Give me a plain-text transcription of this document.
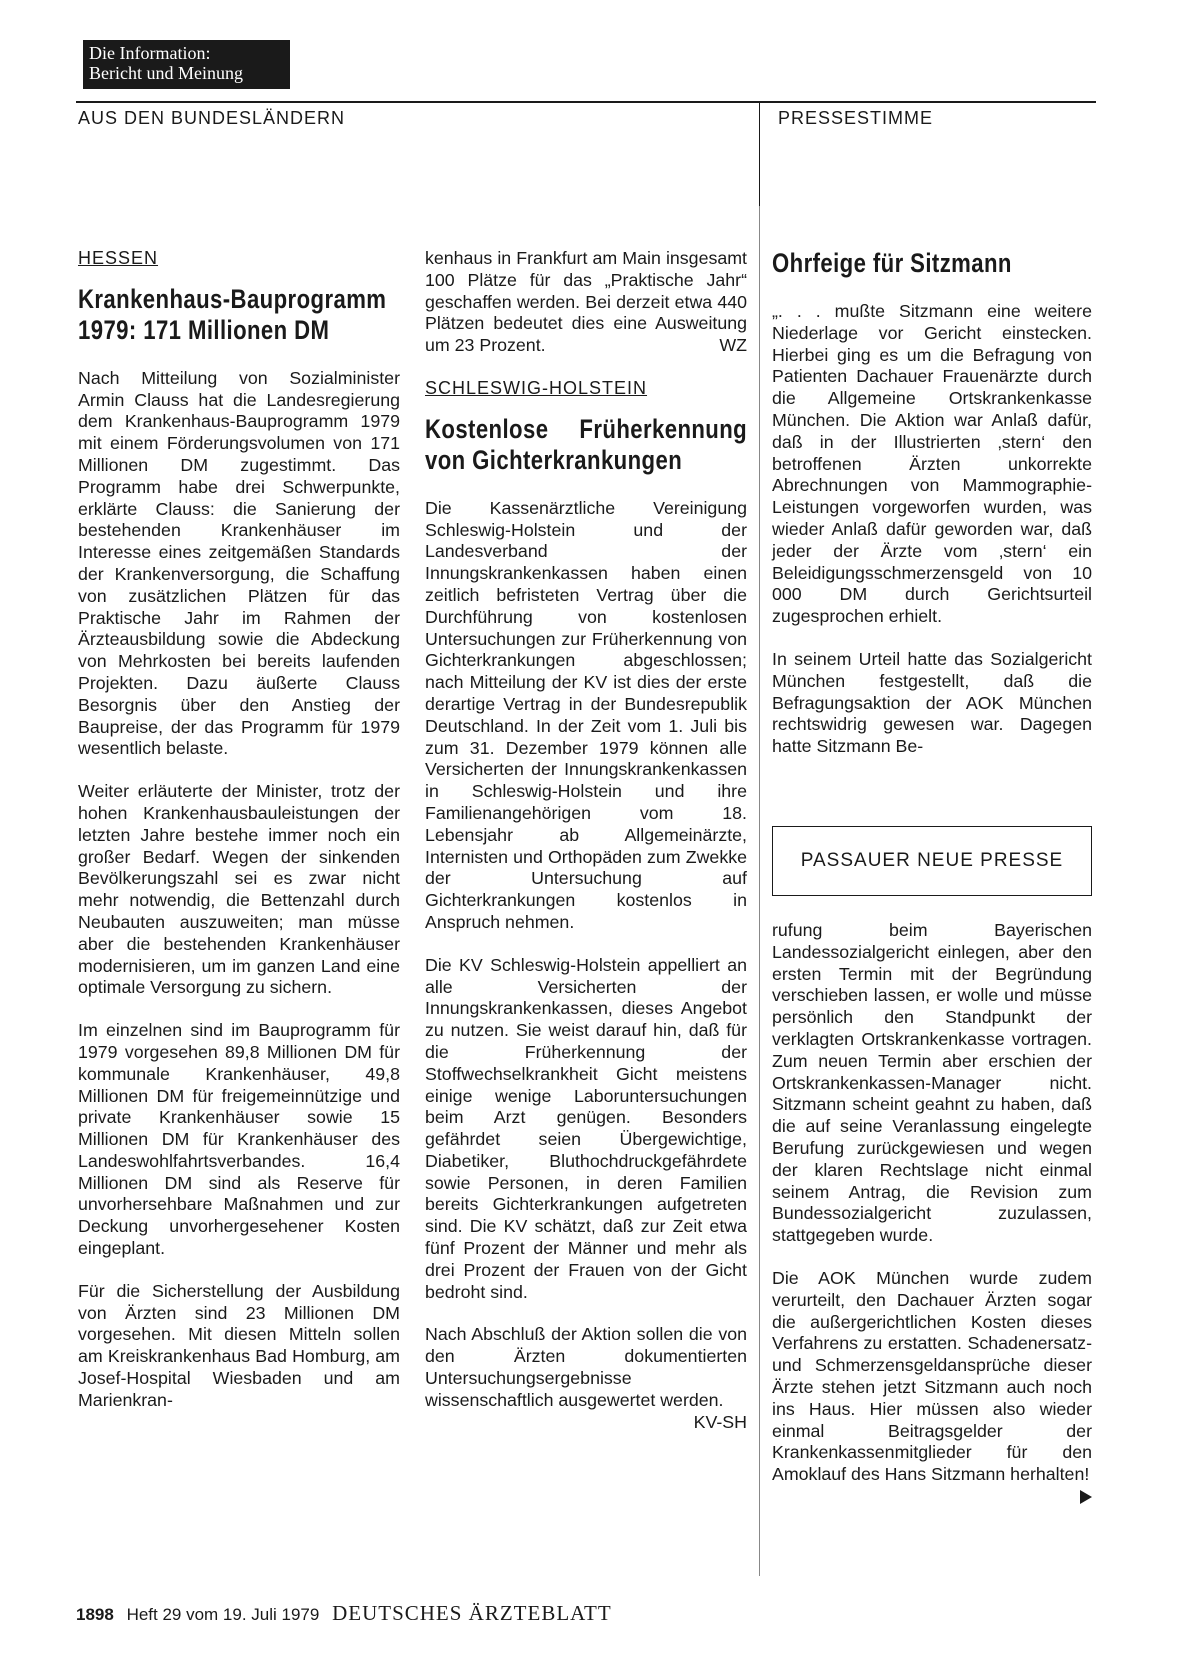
Die Information:
Bericht und Meinung
AUS DEN BUNDESLÄNDERN	PRESSESTIMME
HESSEN
Krankenhaus-Bauprogramm 1979: 171 Millionen DM

Nach Mitteilung von Sozialminister Armin Clauss hat die Landesregierung dem Krankenhaus-Bauprogramm 1979 mit einem Förderungsvolumen von 171 Millionen DM zugestimmt. Das Programm habe drei Schwerpunkte, erklärte Clauss: die Sanierung der bestehenden Krankenhäuser im Interesse eines zeitgemäßen Standards der Krankenversorgung, die Schaffung von zusätzlichen Plätzen für das Praktische Jahr im Rahmen der Ärzteausbildung sowie die Abdeckung von Mehrkosten bei bereits laufenden Projekten. Dazu äußerte Clauss Besorgnis über den Anstieg der Baupreise, der das Programm für 1979 wesentlich belaste.

Weiter erläuterte der Minister, trotz der hohen Krankenhausbauleistungen der letzten Jahre bestehe immer noch ein großer Bedarf. Wegen der sinkenden Bevölkerungszahl sei es zwar nicht mehr notwendig, die Bettenzahl durch Neubauten auszuweiten; man müsse aber die bestehenden Krankenhäuser modernisieren, um im ganzen Land eine optimale Versorgung zu sichern.

Im einzelnen sind im Bauprogramm für 1979 vorgesehen 89,8 Millionen DM für kommunale Krankenhäuser, 49,8 Millionen DM für freigemeinnützige und private Krankenhäuser sowie 15 Millionen DM für Krankenhäuser des Landeswohlfahrtsverbandes. 16,4 Millionen DM sind als Reserve für unvorhersehbare Maßnahmen und zur Deckung unvorhergesehener Kosten eingeplant.

Für die Sicherstellung der Ausbildung von Ärzten sind 23 Millionen DM vorgesehen. Mit diesen Mitteln sollen am Kreiskrankenhaus Bad Homburg, am Josef-Hospital Wiesbaden und am Marienkran-

kenhaus in Frankfurt am Main insgesamt 100 Plätze für das „Praktische Jahr“ geschaffen werden. Bei derzeit etwa 440 Plätzen bedeutet dies eine Ausweitung um 23 Prozent.	WZ

SCHLESWIG-HOLSTEIN
Kostenlose Früherkennung von Gichterkrankungen

Die Kassenärztliche Vereinigung Schleswig-Holstein und der Landesverband der Innungskrankenkassen haben einen zeitlich befristeten Vertrag über die Durchführung von kostenlosen Untersuchungen zur Früherkennung von Gichterkrankungen abgeschlossen; nach Mitteilung der KV ist dies der erste derartige Vertrag in der Bundesrepublik Deutschland. In der Zeit vom 1. Juli bis zum 31. Dezember 1979 können alle Versicherten der Innungskrankenkassen in Schleswig-Holstein und ihre Familienangehörigen vom 18. Lebensjahr ab Allgemeinärzte, Internisten und Orthopäden zum Zwekke der Untersuchung auf Gichterkrankungen kostenlos in Anspruch nehmen.

Die KV Schleswig-Holstein appelliert an alle Versicherten der Innungskrankenkassen, dieses Angebot zu nutzen. Sie weist darauf hin, daß für die Früherkennung der Stoffwechselkrankheit Gicht meistens einige wenige Laboruntersuchungen beim Arzt genügen. Besonders gefährdet seien Übergewichtige, Diabetiker, Bluthochdruckgefährdete sowie Personen, in deren Familien bereits Gichterkrankungen aufgetreten sind. Die KV schätzt, daß zur Zeit etwa fünf Prozent der Männer und mehr als drei Prozent der Frauen von der Gicht bedroht sind.

Nach Abschluß der Aktion sollen die von den Ärzten dokumentierten Untersuchungsergebnisse wissenschaftlich ausgewertet werden.
KV-SH

Ohrfeige für Sitzmann

„. . . mußte Sitzmann eine weitere Niederlage vor Gericht einstecken. Hierbei ging es um die Befragung von Patienten Dachauer Frauenärzte durch die Allgemeine Ortskrankenkasse München. Die Aktion war Anlaß dafür, daß in der Illustrierten ‚stern‘ den betroffenen Ärzten unkorrekte Abrechnungen von Mammographie-Leistungen vorgeworfen wurden, was wieder Anlaß dafür geworden war, daß jeder der Ärzte vom ‚stern‘ ein Beleidigungsschmerzensgeld von 10 000 DM durch Gerichtsurteil zugesprochen erhielt.

In seinem Urteil hatte das Sozialgericht München festgestellt, daß die Befragungsaktion der AOK München rechtswidrig gewesen war. Dagegen hatte Sitzmann Be-

PASSAUER NEUE PRESSE

rufung beim Bayerischen Landessozialgericht einlegen, aber den ersten Termin mit der Begründung verschieben lassen, er wolle und müsse persönlich den Standpunkt der verklagten Ortskrankenkasse vortragen. Zum neuen Termin aber erschien der Ortskrankenkassen-Manager nicht. Sitzmann scheint geahnt zu haben, daß die auf seine Veranlassung eingelegte Berufung zurückgewiesen und wegen der klaren Rechtslage nicht einmal seinem Antrag, die Revision zum Bundessozialgericht zuzulassen, stattgegeben wurde.

Die AOK München wurde zudem verurteilt, den Dachauer Ärzten sogar die außergerichtlichen Kosten dieses Verfahrens zu erstatten. Schadenersatz- und Schmerzensgeldansprüche dieser Ärzte stehen jetzt Sitzmann auch noch ins Haus. Hier müssen also wieder einmal Beitragsgelder der Krankenkassenmitglieder für den Amoklauf des Hans Sitzmann herhalten!

1898 Heft 29 vom 19. Juli 1979 DEUTSCHES ÄRZTEBLATT
